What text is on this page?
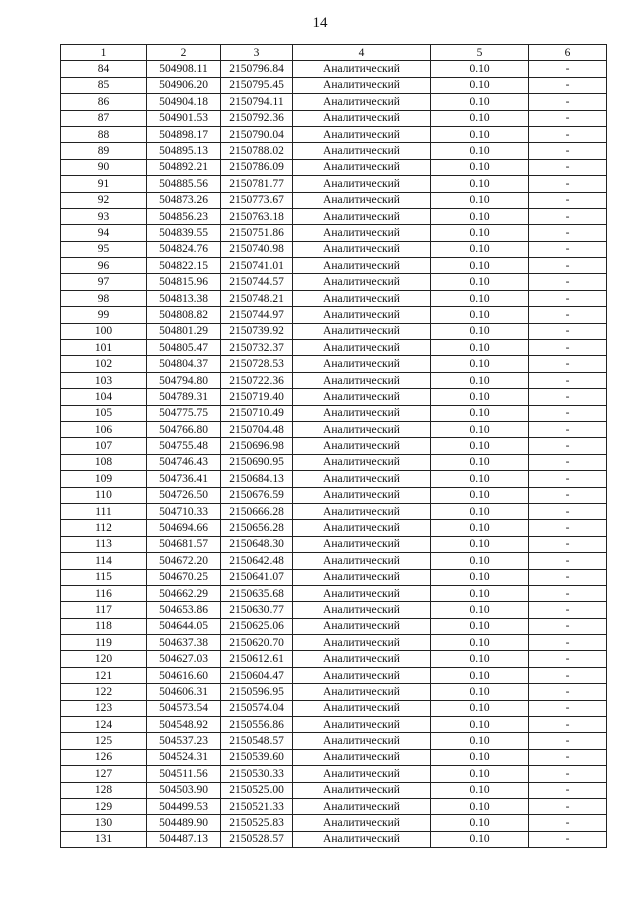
14
1	2	3	4	5	6
84	504908.11	2150796.84	Аналитический	0.10	-
85	504906.20	2150795.45	Аналитический	0.10	-
86	504904.18	2150794.11	Аналитический	0.10	-
87	504901.53	2150792.36	Аналитический	0.10	-
88	504898.17	2150790.04	Аналитический	0.10	-
89	504895.13	2150788.02	Аналитический	0.10	-
90	504892.21	2150786.09	Аналитический	0.10	-
91	504885.56	2150781.77	Аналитический	0.10	-
92	504873.26	2150773.67	Аналитический	0.10	-
93	504856.23	2150763.18	Аналитический	0.10	-
94	504839.55	2150751.86	Аналитический	0.10	-
95	504824.76	2150740.98	Аналитический	0.10	-
96	504822.15	2150741.01	Аналитический	0.10	-
97	504815.96	2150744.57	Аналитический	0.10	-
98	504813.38	2150748.21	Аналитический	0.10	-
99	504808.82	2150744.97	Аналитический	0.10	-
100	504801.29	2150739.92	Аналитический	0.10	-
101	504805.47	2150732.37	Аналитический	0.10	-
102	504804.37	2150728.53	Аналитический	0.10	-
103	504794.80	2150722.36	Аналитический	0.10	-
104	504789.31	2150719.40	Аналитический	0.10	-
105	504775.75	2150710.49	Аналитический	0.10	-
106	504766.80	2150704.48	Аналитический	0.10	-
107	504755.48	2150696.98	Аналитический	0.10	-
108	504746.43	2150690.95	Аналитический	0.10	-
109	504736.41	2150684.13	Аналитический	0.10	-
110	504726.50	2150676.59	Аналитический	0.10	-
111	504710.33	2150666.28	Аналитический	0.10	-
112	504694.66	2150656.28	Аналитический	0.10	-
113	504681.57	2150648.30	Аналитический	0.10	-
114	504672.20	2150642.48	Аналитический	0.10	-
115	504670.25	2150641.07	Аналитический	0.10	-
116	504662.29	2150635.68	Аналитический	0.10	-
117	504653.86	2150630.77	Аналитический	0.10	-
118	504644.05	2150625.06	Аналитический	0.10	-
119	504637.38	2150620.70	Аналитический	0.10	-
120	504627.03	2150612.61	Аналитический	0.10	-
121	504616.60	2150604.47	Аналитический	0.10	-
122	504606.31	2150596.95	Аналитический	0.10	-
123	504573.54	2150574.04	Аналитический	0.10	-
124	504548.92	2150556.86	Аналитический	0.10	-
125	504537.23	2150548.57	Аналитический	0.10	-
126	504524.31	2150539.60	Аналитический	0.10	-
127	504511.56	2150530.33	Аналитический	0.10	-
128	504503.90	2150525.00	Аналитический	0.10	-
129	504499.53	2150521.33	Аналитический	0.10	-
130	504489.90	2150525.83	Аналитический	0.10	-
131	504487.13	2150528.57	Аналитический	0.10	-
